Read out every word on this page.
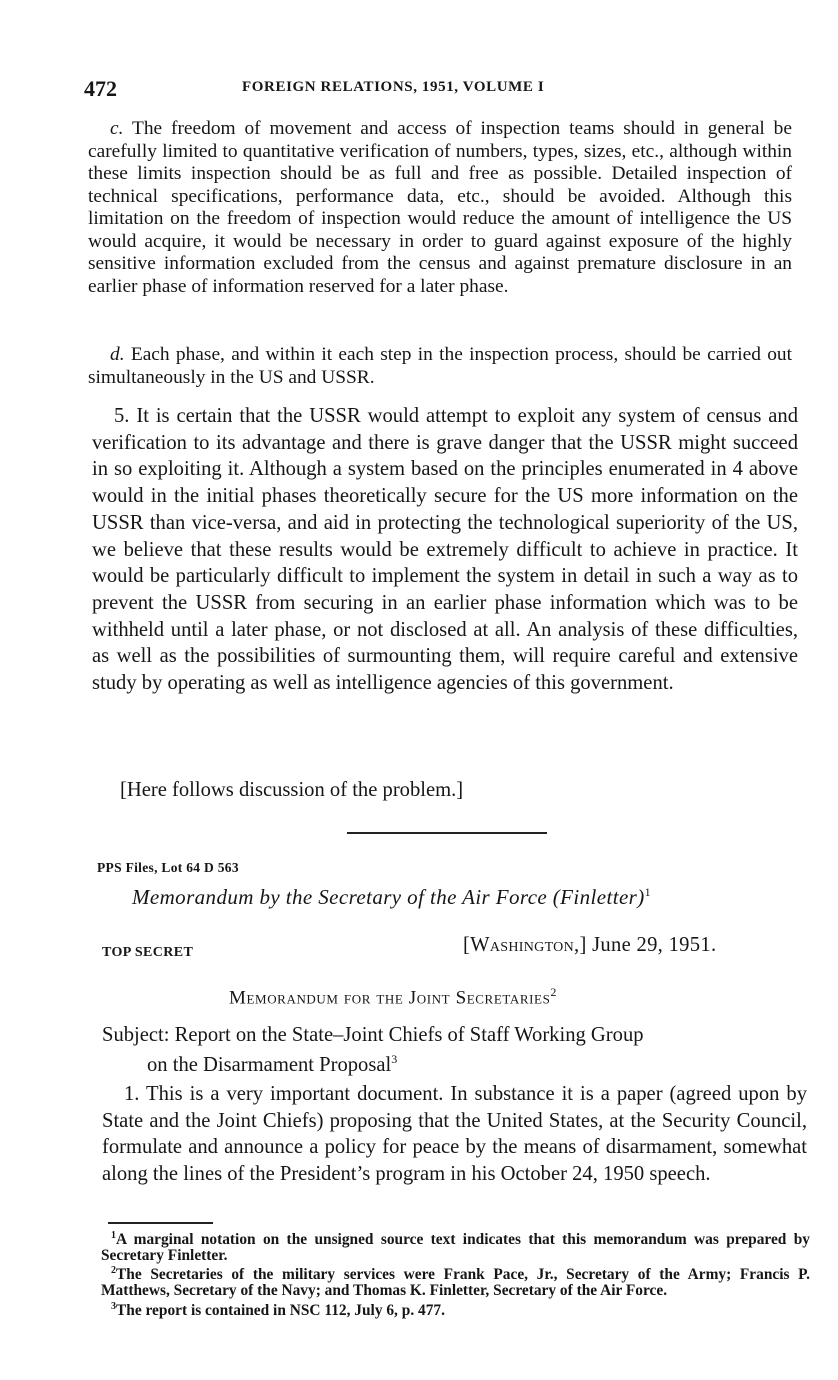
472	FOREIGN RELATIONS, 1951, VOLUME I

c. The freedom of movement and access of inspection teams should in general be carefully limited to quantitative verification of numbers, types, sizes, etc., although within these limits inspection should be as full and free as possible. Detailed inspection of technical specifications, performance data, etc., should be avoided. Although this limitation on the freedom of inspection would reduce the amount of intelligence the US would acquire, it would be necessary in order to guard against exposure of the highly sensitive information excluded from the census and against premature disclosure in an earlier phase of information reserved for a later phase.

d. Each phase, and within it each step in the inspection process, should be carried out simultaneously in the US and USSR.

5. It is certain that the USSR would attempt to exploit any system of census and verification to its advantage and there is grave danger that the USSR might succeed in so exploiting it. Although a system based on the principles enumerated in 4 above would in the initial phases theoretically secure for the US more information on the USSR than vice-versa, and aid in protecting the technological superiority of the US, we believe that these results would be extremely difficult to achieve in practice. It would be particularly difficult to implement the system in detail in such a way as to prevent the USSR from securing in an earlier phase information which was to be withheld until a later phase, or not disclosed at all. An analysis of these difficulties, as well as the possibilities of surmounting them, will require careful and extensive study by operating as well as intelligence agencies of this government.

[Here follows discussion of the problem.]

PPS Files, Lot 64 D 563
Memorandum by the Secretary of the Air Force (Finletter)$^1$
TOP SECRET	[Washington,] June 29, 1951.
Memorandum for the Joint Secretaries$^2$
Subject: Report on the State–Joint Chiefs of Staff Working Group
on the Disarmament Proposal$^3$

1. This is a very important document. In substance it is a paper (agreed upon by State and the Joint Chiefs) proposing that the United States, at the Security Council, formulate and announce a policy for peace by the means of disarmament, somewhat along the lines of the President’s program in his October 24, 1950 speech.

$^1$A marginal notation on the unsigned source text indicates that this memorandum was prepared by Secretary Finletter.

$^2$The Secretaries of the military services were Frank Pace, Jr., Secretary of the Army; Francis P. Matthews, Secretary of the Navy; and Thomas K. Finletter, Secretary of the Air Force.

$^3$The report is contained in NSC 112, July 6, p. 477.
